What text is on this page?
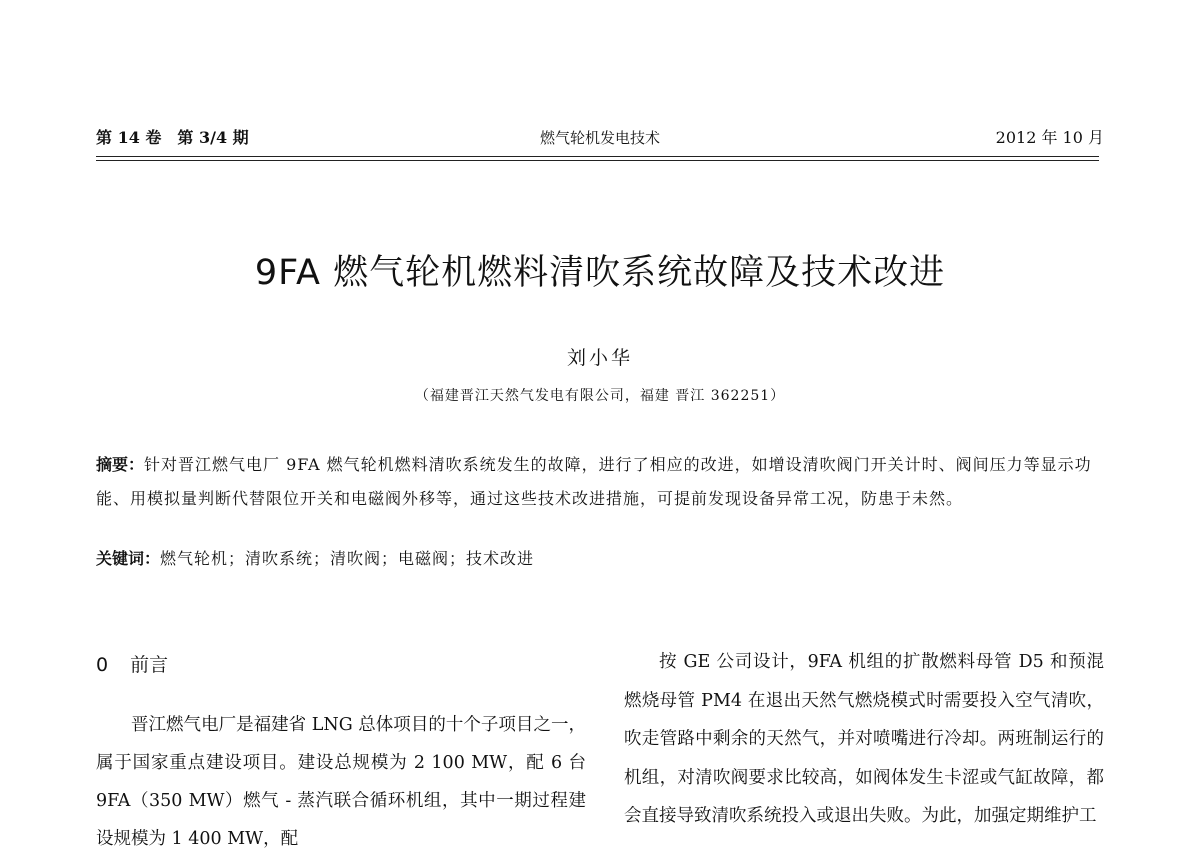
第 14 卷　第 3/4 期	燃气轮机发电技术	2012 年 10 月
9FA 燃气轮机燃料清吹系统故障及技术改进
刘小华
（福建晋江天然气发电有限公司，福建 晋江 362251）
摘要：针对晋江燃气电厂 9FA 燃气轮机燃料清吹系统发生的故障，进行了相应的改进，如增设清吹阀门开关计时、阀间压力等显示功能、用模拟量判断代替限位开关和电磁阀外移等，通过这些技术改进措施，可提前发现设备异常工况，防患于未然。
关键词：燃气轮机；清吹系统；清吹阀；电磁阀；技术改进
0 前言

晋江燃气电厂是福建省 LNG 总体项目的十个子项目之一，属于国家重点建设项目。建设总规模为 2 100 MW，配 6 台 9FA（350 MW）燃气 - 蒸汽联合循环机组，其中一期过程建设规模为 1 400 MW，配

按 GE 公司设计，9FA 机组的扩散燃料母管 D5 和预混燃烧母管 PM4 在退出天然气燃烧模式时需要投入空气清吹，吹走管路中剩余的天然气，并对喷嘴进行冷却。两班制运行的机组，对清吹阀要求比较高，如阀体发生卡涩或气缸故障，都会直接导致清吹系统投入或退出失败。为此，加强定期维护工
